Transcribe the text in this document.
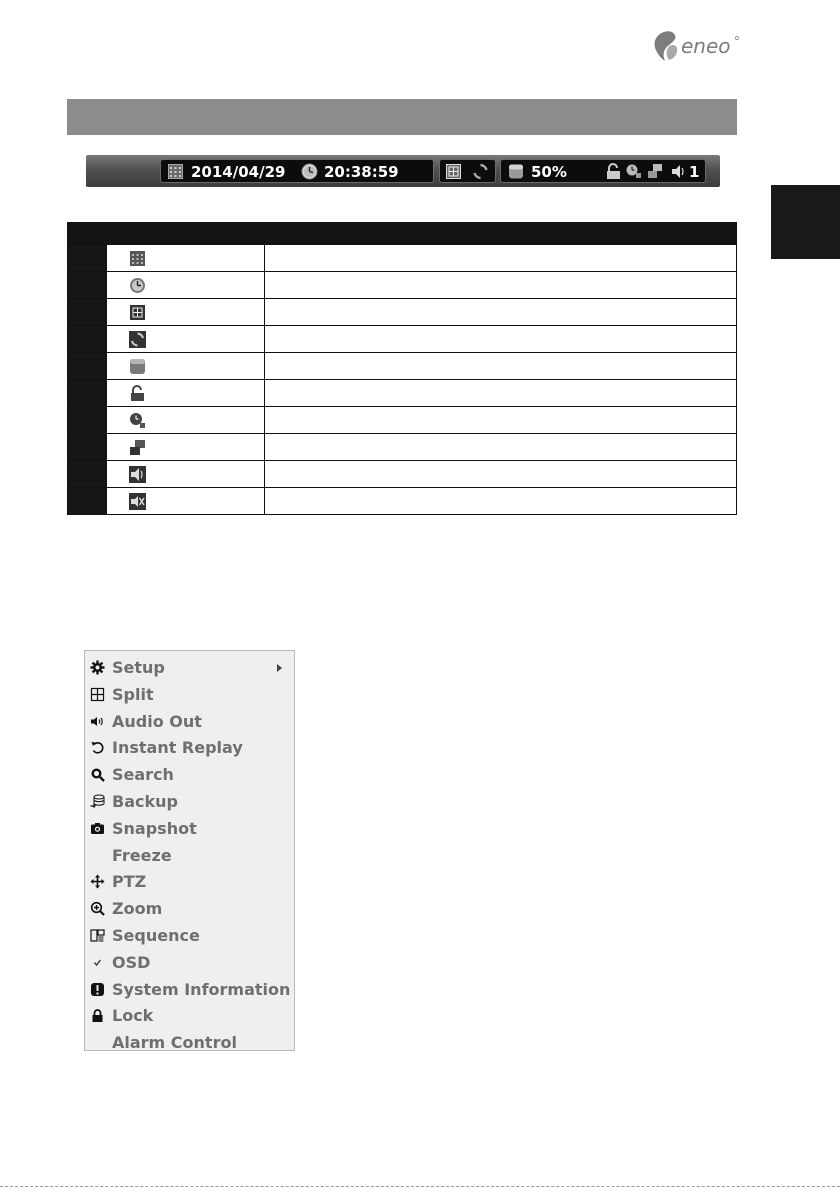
eneo
2014/04/29	20:38:59	50%	1

Setup
Split
Audio Out
Instant Replay
Search
Backup
Snapshot
Freeze
PTZ
Zoom
Sequence
OSD
System Information
Lock
Alarm Control
